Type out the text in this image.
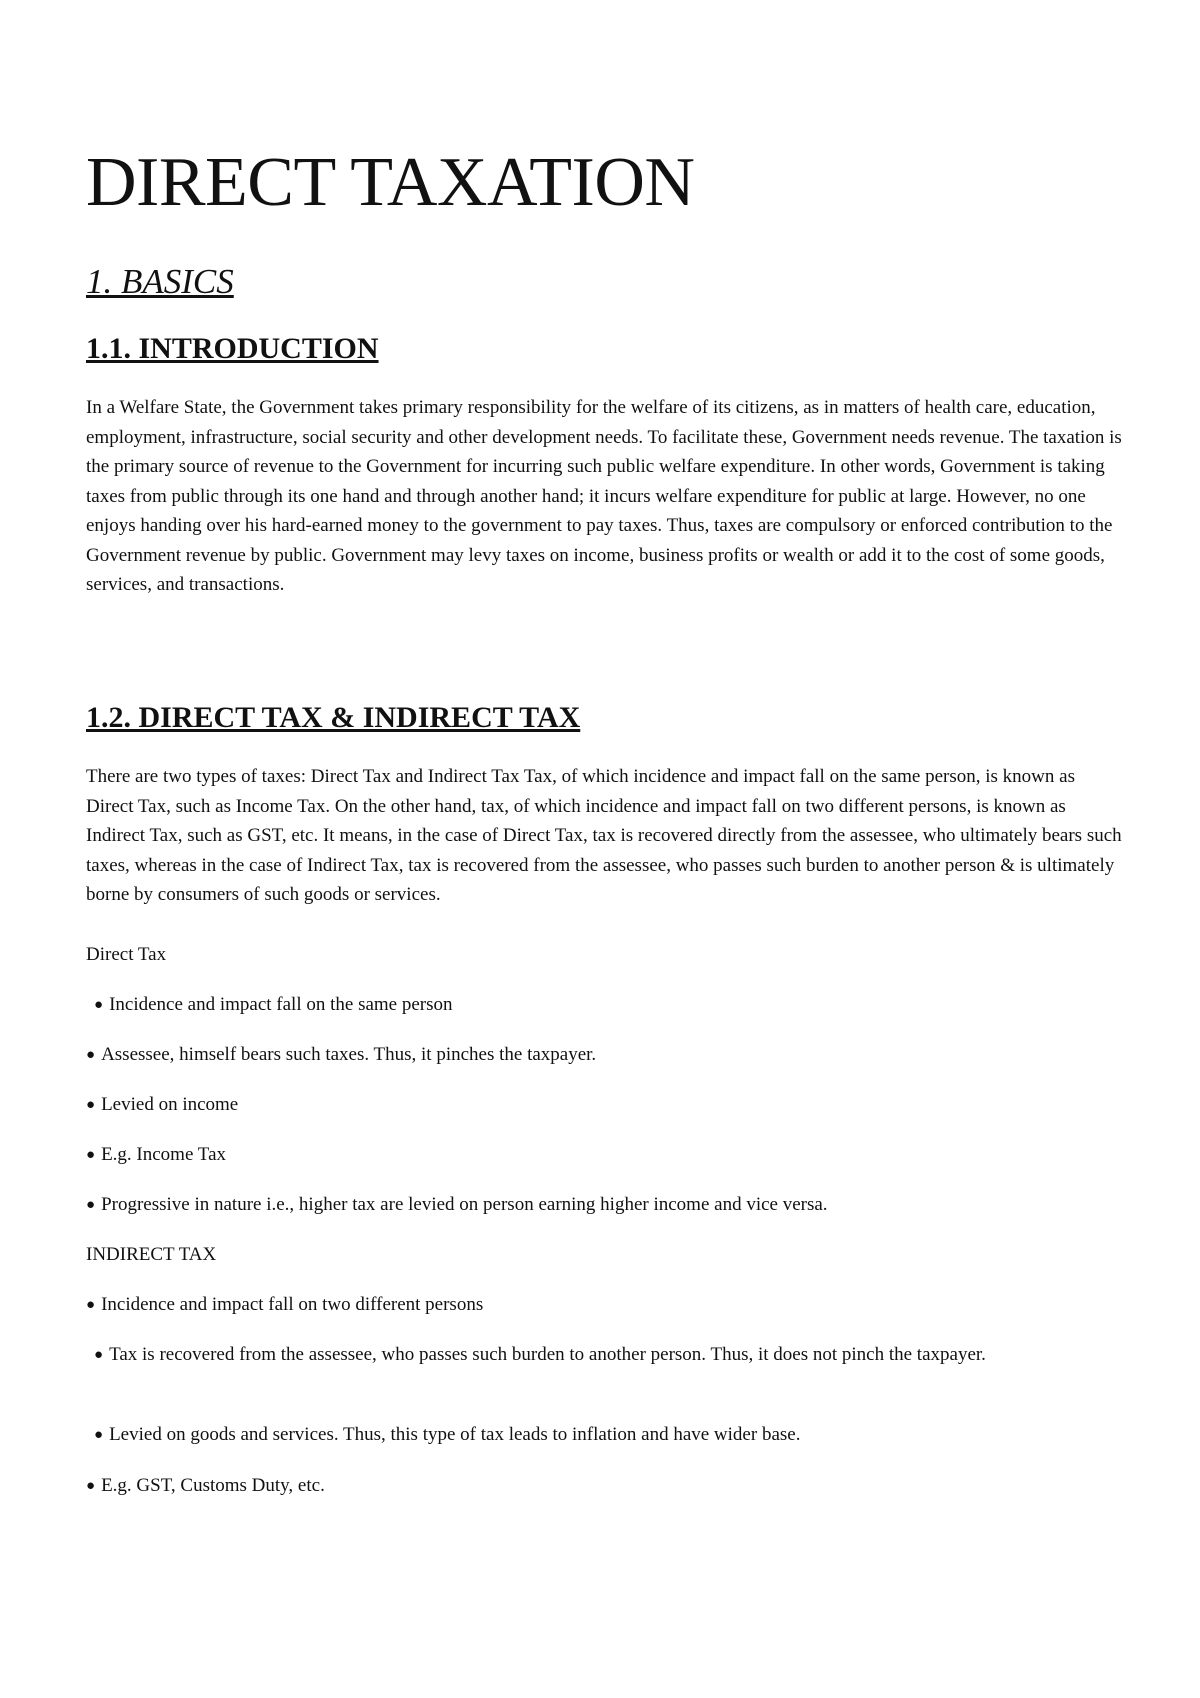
DIRECT TAXATION
1. BASICS
1.1. INTRODUCTION

In a Welfare State, the Government takes primary responsibility for the welfare of its citizens, as in matters of health care, education, employment, infrastructure, social security and other development needs. To facilitate these, Government needs revenue. The taxation is the primary source of revenue to the Government for incurring such public welfare expenditure. In other words, Government is taking taxes from public through its one hand and through another hand; it incurs welfare expenditure for public at large. However, no one enjoys handing over his hard-earned money to the government to pay taxes. Thus, taxes are compulsory or enforced contribution to the Government revenue by public. Government may levy taxes on income, business profits or wealth or add it to the cost of some goods, services, and transactions.

1.2. DIRECT TAX & INDIRECT TAX

There are two types of taxes: Direct Tax and Indirect Tax Tax, of which incidence and impact fall on the same person, is known as Direct Tax, such as Income Tax. On the other hand, tax, of which incidence and impact fall on two different persons, is known as Indirect Tax, such as GST, etc. It means, in the case of Direct Tax, tax is recovered directly from the assessee, who ultimately bears such taxes, whereas in the case of Indirect Tax, tax is recovered from the assessee, who passes such burden to another person & is ultimately borne by consumers of such goods or services.

Direct Tax
● Incidence and impact fall on the same person
● Assessee, himself bears such taxes. Thus, it pinches the taxpayer.
● Levied on income
● E.g. Income Tax
● Progressive in nature i.e., higher tax are levied on person earning higher income and vice versa.
INDIRECT TAX
● Incidence and impact fall on two different persons
● Tax is recovered from the assessee, who passes such burden to another person. Thus, it does not pinch the taxpayer.
● Levied on goods and services. Thus, this type of tax leads to inflation and have wider base.
● E.g. GST, Customs Duty, etc.
